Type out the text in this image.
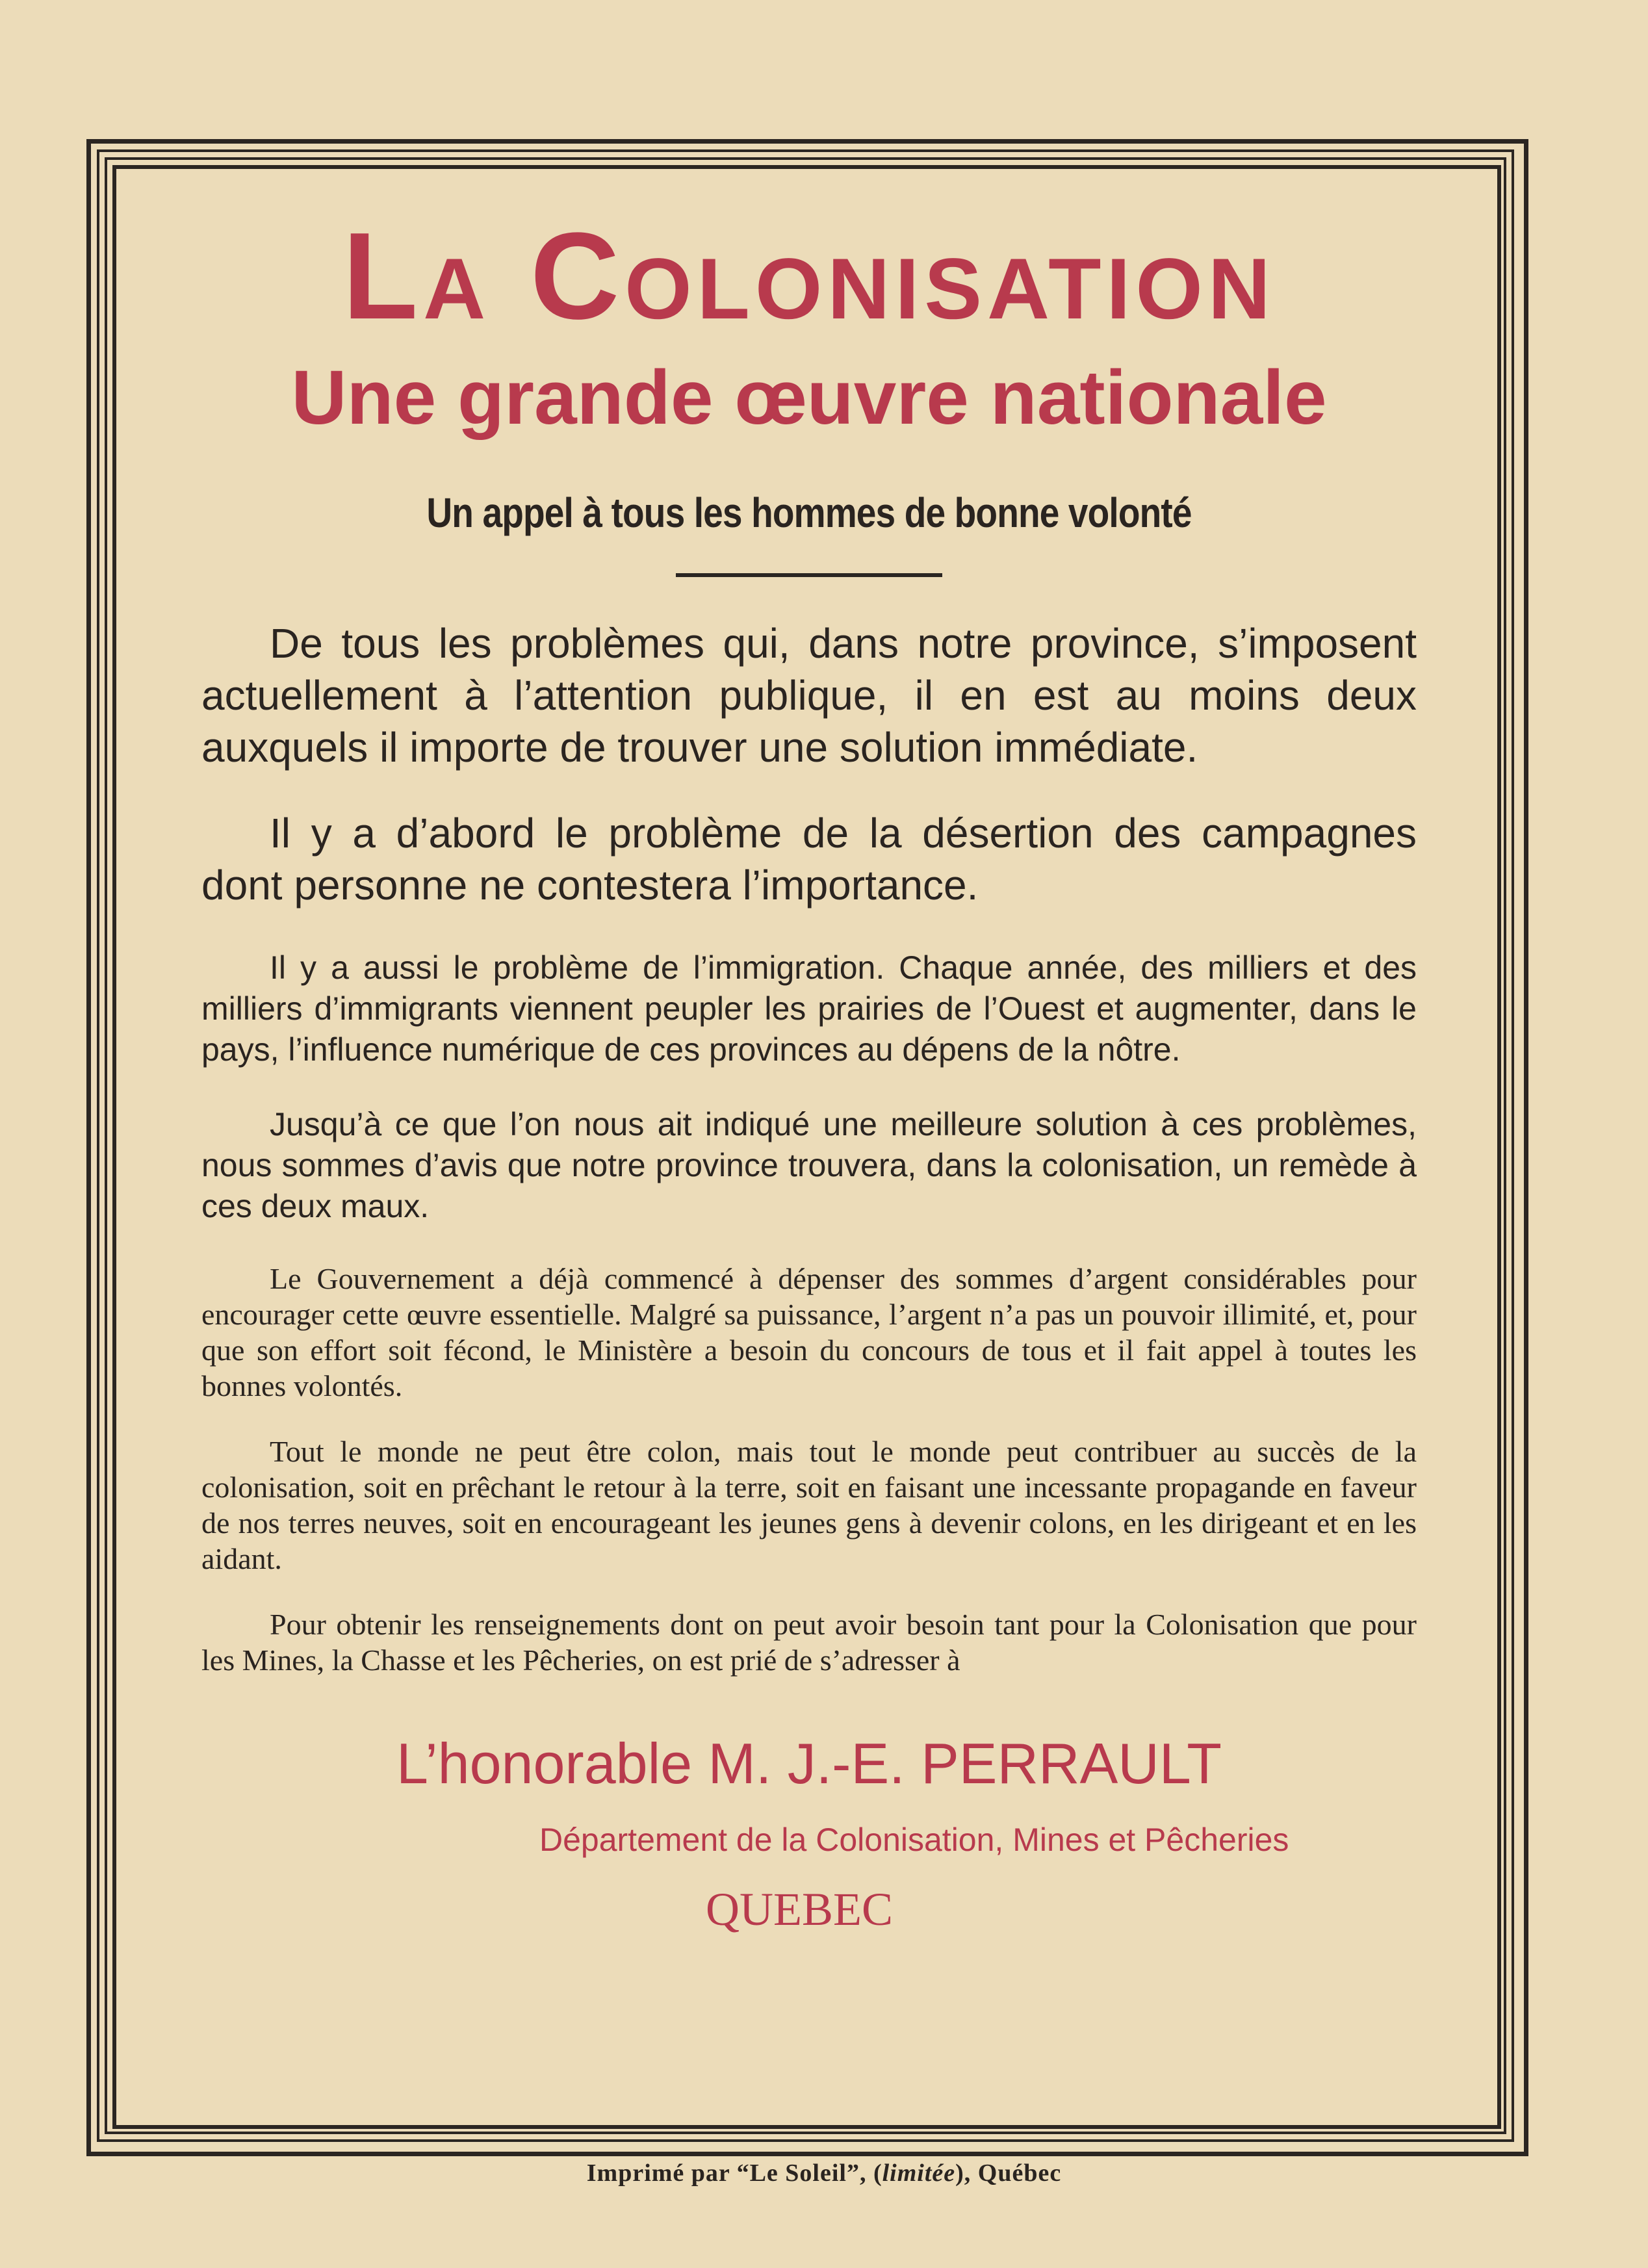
La Colonisation
Une grande œuvre nationale
Un appel à tous les hommes de bonne volonté

De tous les problèmes qui, dans notre province, s’imposent actuellement à l’attention publique, il en est au moins deux auxquels il importe de trouver une solution immédiate.

Il y a d’abord le problème de la désertion des campagnes dont personne ne contestera l’importance.

Il y a aussi le problème de l’immigration. Chaque année, des milliers et des milliers d’immigrants viennent peupler les prairies de l’Ouest et augmenter, dans le pays, l’influence numérique de ces provinces au dépens de la nôtre.

Jusqu’à ce que l’on nous ait indiqué une meilleure solution à ces problèmes, nous sommes d’avis que notre province trouvera, dans la colonisation, un remède à ces deux maux.

Le Gouvernement a déjà commencé à dépenser des sommes d’argent considérables pour encourager cette œuvre essentielle. Malgré sa puissance, l’argent n’a pas un pouvoir illimité, et, pour que son effort soit fécond, le Ministère a besoin du concours de tous et il fait appel à toutes les bonnes volontés.

Tout le monde ne peut être colon, mais tout le monde peut contribuer au succès de la colonisation, soit en prêchant le retour à la terre, soit en faisant une incessante propagande en faveur de nos terres neuves, soit en encourageant les jeunes gens à devenir colons, en les dirigeant et en les aidant.

Pour obtenir les renseignements dont on peut avoir besoin tant pour la Colonisation que pour les Mines, la Chasse et les Pêcheries, on est prié de s’adresser à

L’honorable M. J.-E. PERRAULT
Département de la Colonisation, Mines et Pêcheries
QUEBEC
Imprimé par “Le Soleil”, (limitée), Québec
